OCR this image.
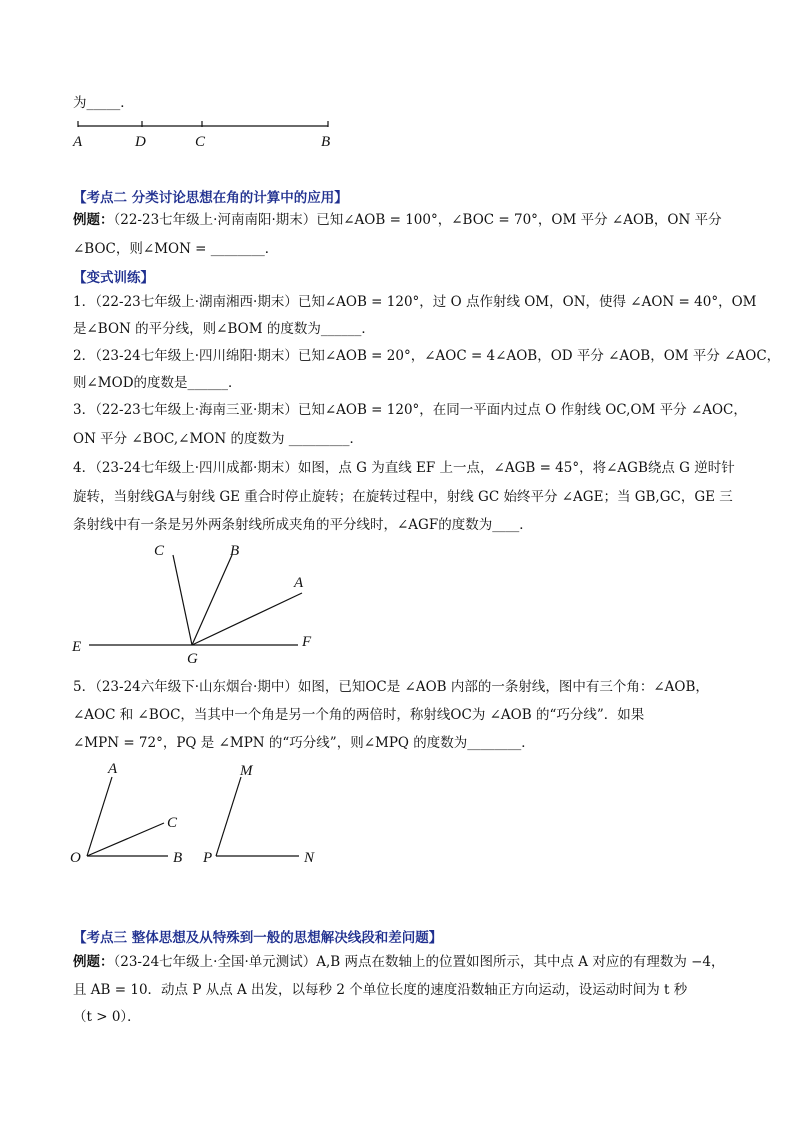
为_____．
A	D	C	B
【考点二 分类讨论思想在角的计算中的应用】
例题：（22-23七年级上·河南南阳·期末）已知∠AOB = 100°，∠BOC = 70°，OM 平分 ∠AOB，ON 平分
∠BOC，则∠MON = ________．
【变式训练】
1．（22-23七年级上·湖南湘西·期末）已知∠AOB = 120°，过 O 点作射线 OM，ON，使得 ∠AON = 40°，OM
是∠BON 的平分线，则∠BOM 的度数为______．
2．（23-24七年级上·四川绵阳·期末）已知∠AOB = 20°，∠AOC = 4∠AOB，OD 平分 ∠AOB，OM 平分 ∠AOC，
则∠MOD的度数是______．
3．（22-23七年级上·海南三亚·期末）已知∠AOB = 120°，在同一平面内过点 O 作射线 OC,OM 平分 ∠AOC，
ON 平分 ∠BOC,∠MON 的度数为 _________．
4．（23-24七年级上·四川成都·期末）如图，点 G 为直线 EF 上一点，∠AGB = 45°，将∠AGB绕点 G 逆时针
旋转，当射线GA与射线 GE 重合时停止旋转；在旋转过程中，射线 GC 始终平分 ∠AGE；当 GB,GC，GE 三
条射线中有一条是另外两条射线所成夹角的平分线时，∠AGF的度数为____．
C	B
A
E	F
G
5．（23-24六年级下·山东烟台·期中）如图，已知OC是 ∠AOB 内部的一条射线，图中有三个角：∠AOB，
∠AOC 和 ∠BOC，当其中一个角是另一个角的两倍时，称射线OC为 ∠AOB 的“巧分线”．如果
∠MPN = 72°，PQ 是 ∠MPN 的“巧分线”，则∠MPQ 的度数为________．
A
C
O	B
M
P	N
【考点三 整体思想及从特殊到一般的思想解决线段和差问题】
例题：（23-24七年级上·全国·单元测试）A,B 两点在数轴上的位置如图所示，其中点 A 对应的有理数为 −4，
且 AB = 10．动点 P 从点 A 出发，以每秒 2 个单位长度的速度沿数轴正方向运动，设运动时间为 t 秒
（t > 0）．
